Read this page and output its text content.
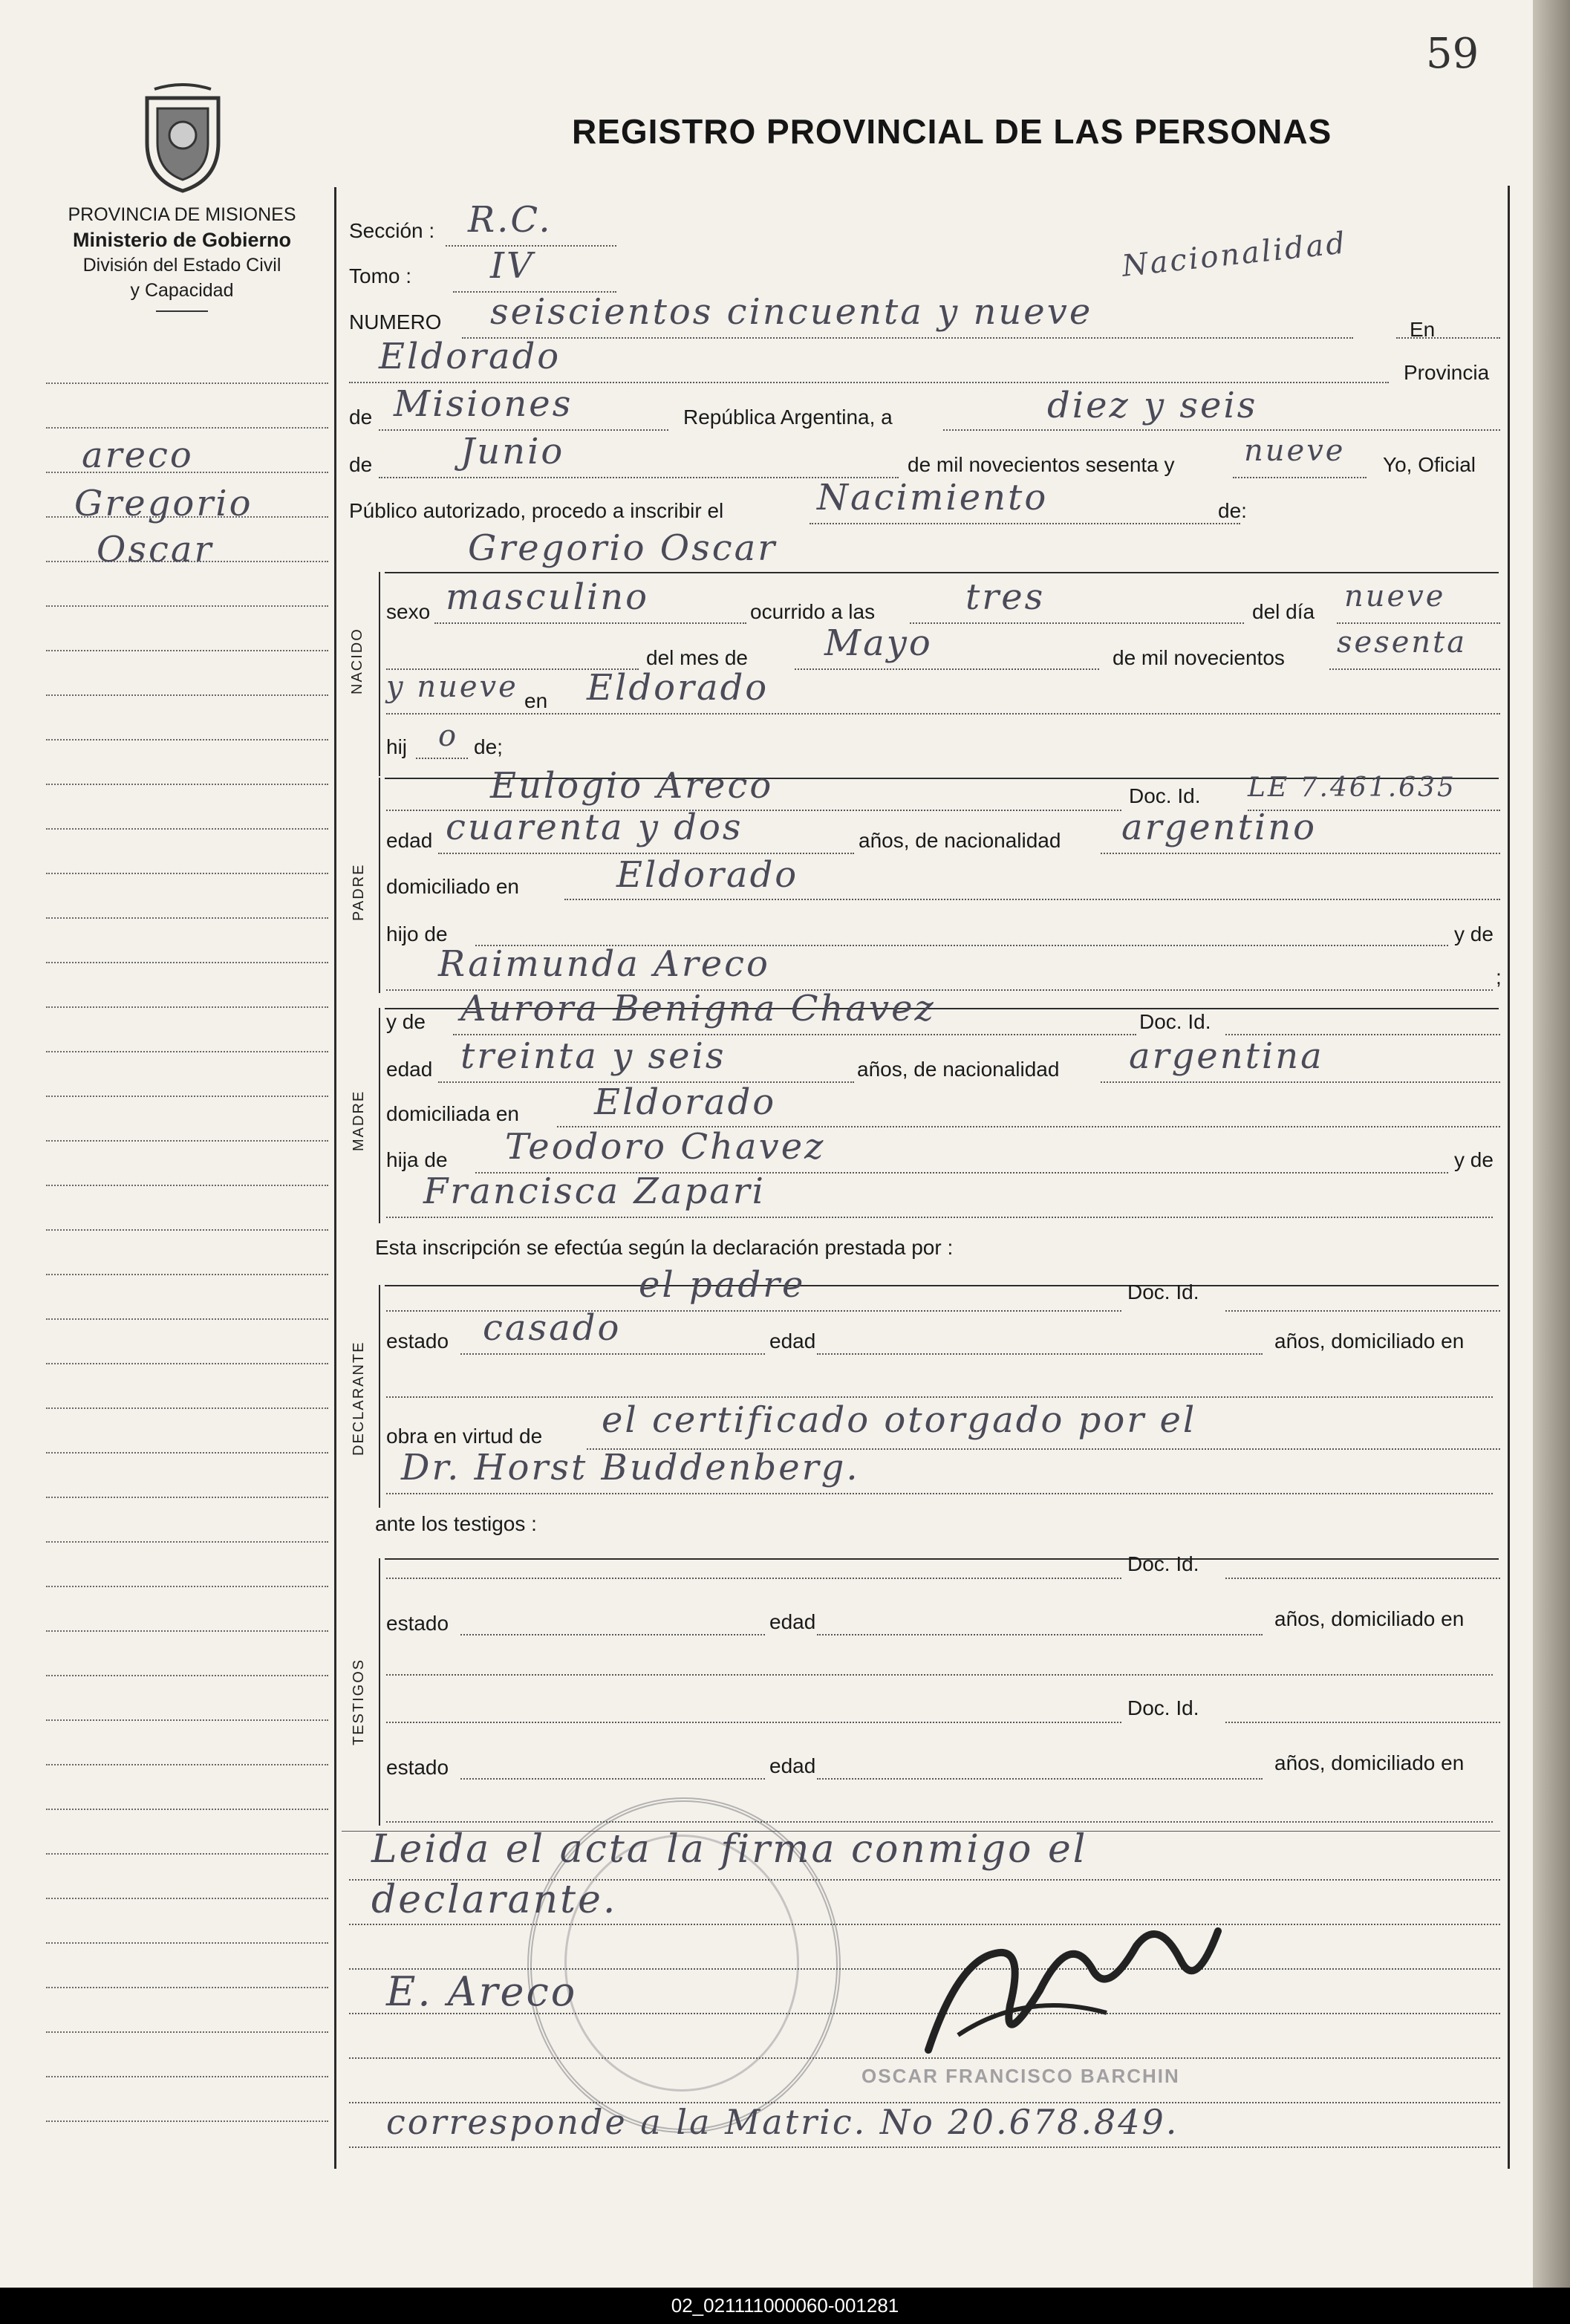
59
REGISTRO PROVINCIAL DE LAS PERSONAS
PROVINCIA DE MISIONES
Ministerio de Gobierno
División del Estado Civil
y Capacidad
areco
Gregorio
Oscar
Nacionalidad
Sección : R.C.
Tomo : IV
NUMERO seiscientos cincuenta y nueve	En
Eldorado	Provincia
de Misiones	República Argentina, a	diez y seis
de Junio	de mil novecientos sesenta y nueve Yo, Oficial
Público autorizado, procedo a inscribir el	Nacimiento	de:
NACIDO
Gregorio Oscar
sexo masculino	ocurrido a las	tres	del día nueve
del mes de Mayo	de mil novecientos sesenta
y nueve en Eldorado
hij o de;
PADRE
Eulogio Areco	Doc. Id. LE 7.461.635
edad cuarenta y dos	años, de nacionalidad argentino
domiciliado en	Eldorado
hijo de	y de
Raimunda Areco	;
MADRE
y de Aurora Benigna Chavez	Doc. Id.
edad treinta y seis	años, de nacionalidad argentina
domiciliada en Eldorado
hija de Teodoro Chavez	y de
Francisca Zapari
Esta inscripción se efectúa según la declaración prestada por :
DECLARANTE
el padre	Doc. Id.
estado casado	edad	años, domiciliado en
obra en virtud de el certificado otorgado por el
Dr. Horst Buddenberg.
ante los testigos :
TESTIGOS
Doc. Id.
estado	edad	años, domiciliado en
Doc. Id.
estado	edad	años, domiciliado en
Leida el acta la firma conmigo el
declarante.
E. Areco
OSCAR FRANCISCO BARCHIN
corresponde a la Matric. No 20.678.849.
02_021111000060-001281
